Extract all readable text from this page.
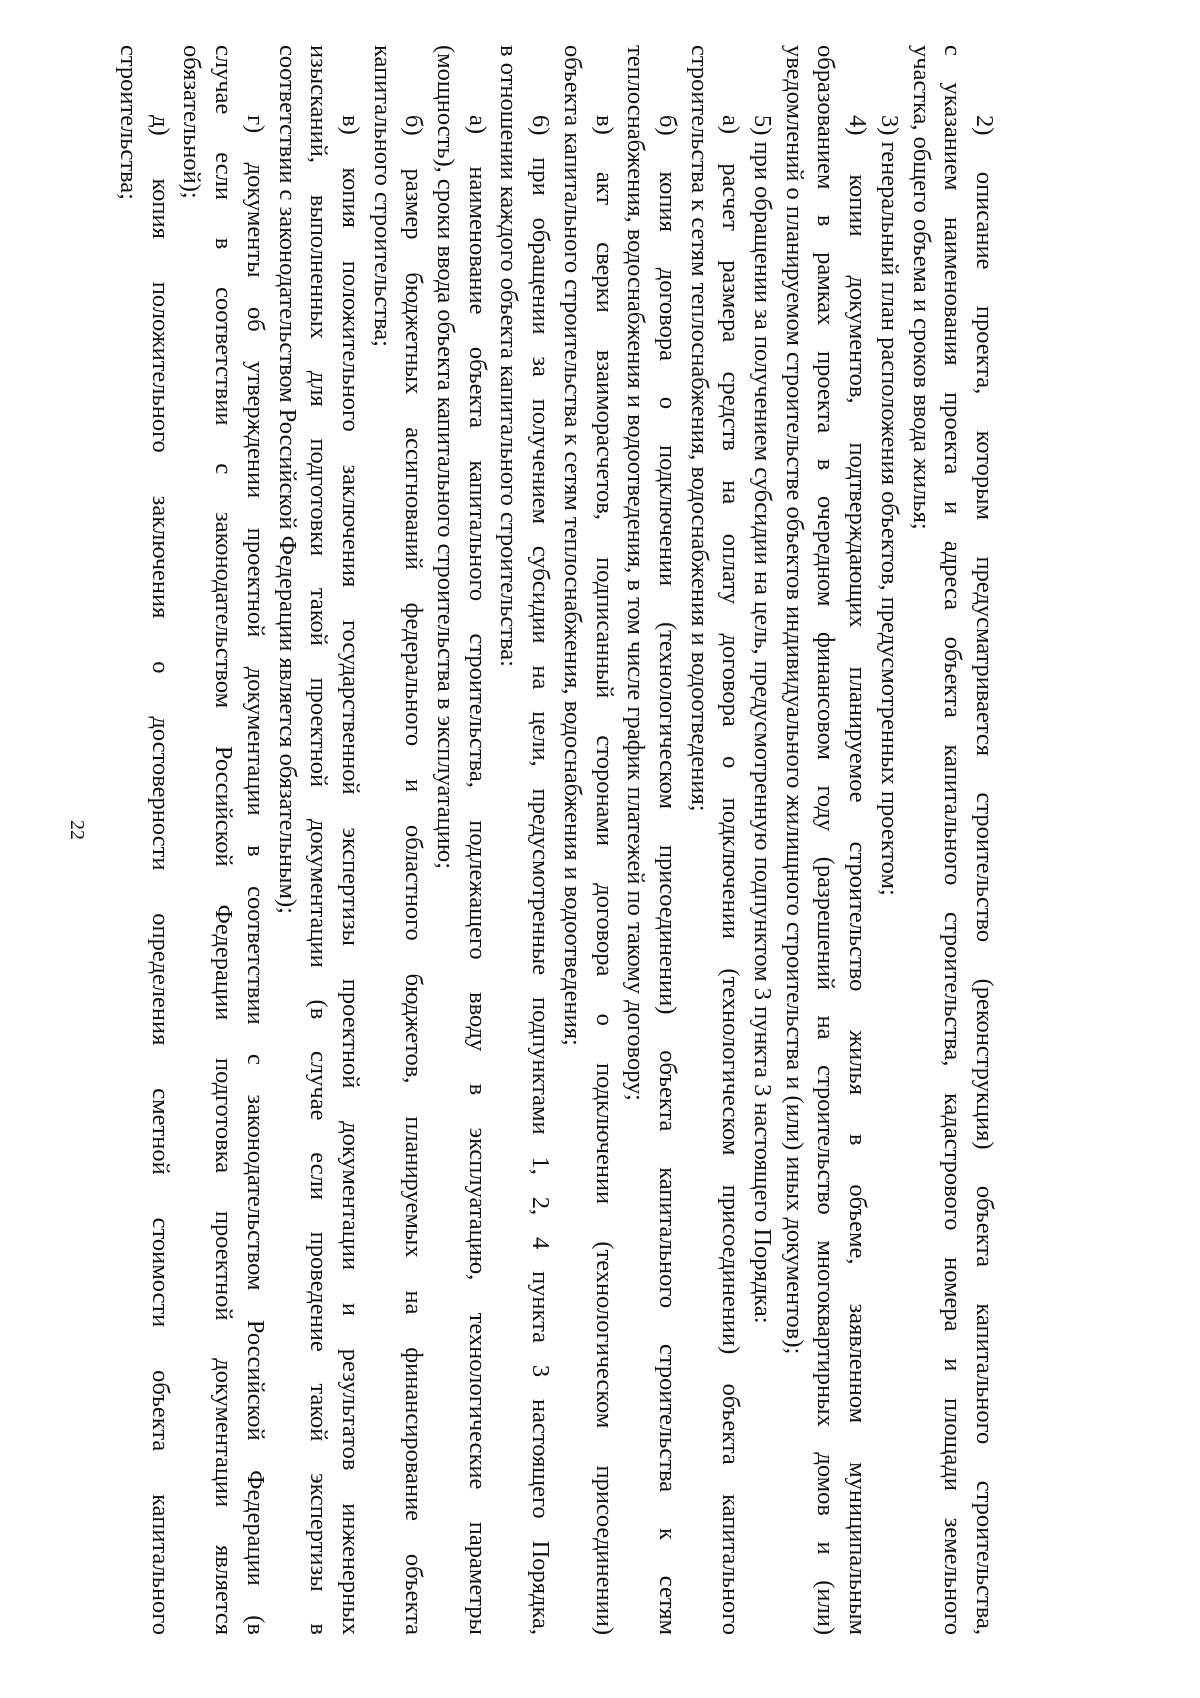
22	2) описание проекта, которым предусматривается строительство (реконструкция) объекта капитального строительства,
с указанием наименования проекта и адреса объекта капитального строительства, кадастрового номера и площади земельного
участка, общего объема и сроков ввода жилья;
3) генеральный план расположения объектов, предусмотренных проектом;
4) копии документов, подтверждающих планируемое строительство жилья в объеме, заявленном муниципальным
образованием в рамках проекта в очередном финансовом году (разрешений на строительство многоквартирных домов и (или)
уведомлений о планируемом строительстве объектов индивидуального жилищного строительства и (или) иных документов);
5) при обращении за получением субсидии на цель, предусмотренную подпунктом 3 пункта 3 настоящего Порядка:
а) расчет размера средств на оплату договора о подключении (технологическом присоединении) объекта капитального
строительства к сетям теплоснабжения, водоснабжения и водоотведения;
б) копия договора о подключении (технологическом присоединении) объекта капитального строительства к сетям
теплоснабжения, водоснабжения и водоотведения, в том числе график платежей по такому договору;
в) акт сверки взаиморасчетов, подписанный сторонами договора о подключении (технологическом присоединении)
объекта капитального строительства к сетям теплоснабжения, водоснабжения и водоотведения;
6) при обращении за получением субсидии на цели, предусмотренные подпунктами 1, 2, 4 пункта 3 настоящего Порядка,
в отношении каждого объекта капитального строительства:
а) наименование объекта капитального строительства, подлежащего вводу в эксплуатацию, технологические параметры
(мощность), сроки ввода объекта капитального строительства в эксплуатацию;
б) размер бюджетных ассигнований федерального и областного бюджетов, планируемых на финансирование объекта
капитального строительства;
в) копия положительного заключения государственной экспертизы проектной документации и результатов инженерных
изысканий, выполненных для подготовки такой проектной документации (в случае если проведение такой экспертизы в
соответствии с законодательством Российской Федерации является обязательным);
г) документы об утверждении проектной документации в соответствии с законодательством Российской Федерации (в
случае если в соответствии с законодательством Российской Федерации подготовка проектной документации является
обязательной);
д) копия положительного заключения о достоверности определения сметной стоимости объекта капитального
строительства;
